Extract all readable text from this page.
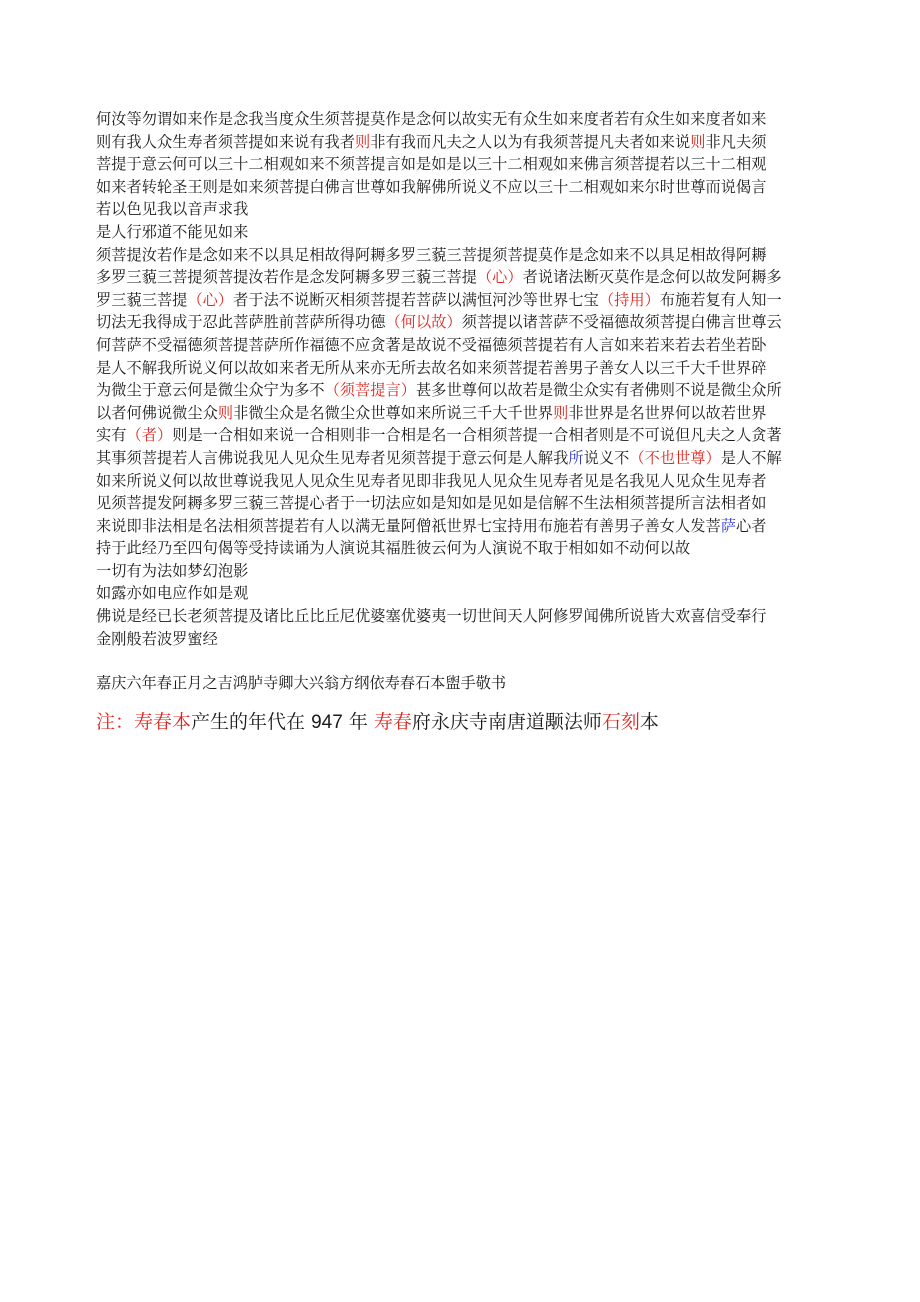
何汝等勿谓如来作是念我当度众生须菩提莫作是念何以故实无有众生如来度者若有众生如来度者如来
则有我人众生寿者须菩提如来说有我者则非有我而凡夫之人以为有我须菩提凡夫者如来说则非凡夫须
菩提于意云何可以三十二相观如来不须菩提言如是如是以三十二相观如来佛言须菩提若以三十二相观
如来者转轮圣王则是如来须菩提白佛言世尊如我解佛所说义不应以三十二相观如来尔时世尊而说偈言
若以色见我以音声求我
是人行邪道不能见如来
须菩提汝若作是念如来不以具足相故得阿耨多罗三藐三菩提须菩提莫作是念如来不以具足相故得阿耨
多罗三藐三菩提须菩提汝若作是念发阿耨多罗三藐三菩提（心）者说诸法断灭莫作是念何以故发阿耨多
罗三藐三菩提（心）者于法不说断灭相须菩提若菩萨以满恒河沙等世界七宝（持用）布施若复有人知一
切法无我得成于忍此菩萨胜前菩萨所得功德（何以故）须菩提以诸菩萨不受福德故须菩提白佛言世尊云
何菩萨不受福德须菩提菩萨所作福德不应贪著是故说不受福德须菩提若有人言如来若来若去若坐若卧
是人不解我所说义何以故如来者无所从来亦无所去故名如来须菩提若善男子善女人以三千大千世界碎
为微尘于意云何是微尘众宁为多不（须菩提言）甚多世尊何以故若是微尘众实有者佛则不说是微尘众所
以者何佛说微尘众则非微尘众是名微尘众世尊如来所说三千大千世界则非世界是名世界何以故若世界
实有（者）则是一合相如来说一合相则非一合相是名一合相须菩提一合相者则是不可说但凡夫之人贪著
其事须菩提若人言佛说我见人见众生见寿者见须菩提于意云何是人解我所说义不（不也世尊）是人不解
如来所说义何以故世尊说我见人见众生见寿者见即非我见人见众生见寿者见是名我见人见众生见寿者
见须菩提发阿耨多罗三藐三菩提心者于一切法应如是知如是见如是信解不生法相须菩提所言法相者如
来说即非法相是名法相须菩提若有人以满无量阿僧祇世界七宝持用布施若有善男子善女人发菩萨心者
持于此经乃至四句偈等受持读诵为人演说其福胜彼云何为人演说不取于相如如不动何以故
一切有为法如梦幻泡影
如露亦如电应作如是观
佛说是经已长老须菩提及诸比丘比丘尼优婆塞优婆夷一切世间天人阿修罗闻佛所说皆大欢喜信受奉行
金刚般若波罗蜜经
嘉庆六年春正月之吉鸿胪寺卿大兴翁方纲依寿春石本盥手敬书
注：寿春本产生的年代在 947 年 寿春府永庆寺南唐道颙法师石刻本
